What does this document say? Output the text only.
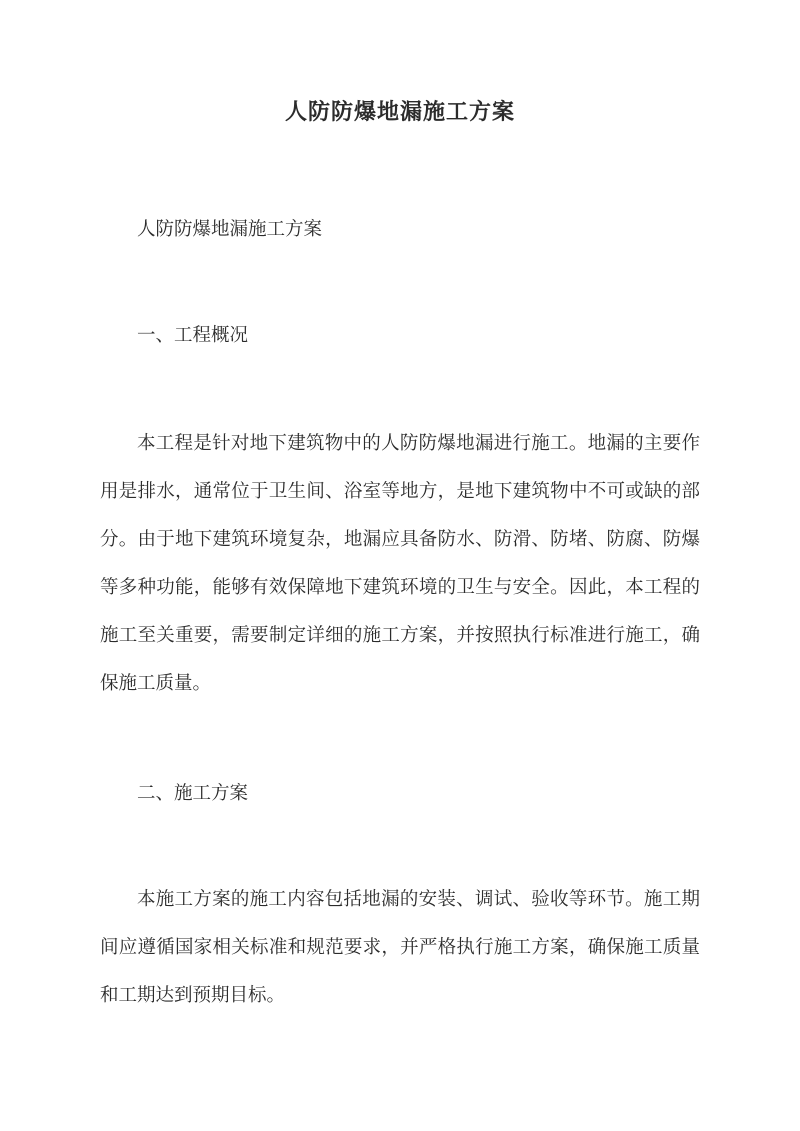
人防防爆地漏施工方案

人防防爆地漏施工方案

一、工程概况

本工程是针对地下建筑物中的人防防爆地漏进行施工。地漏的主要作用是排水，通常位于卫生间、浴室等地方，是地下建筑物中不可或缺的部分。由于地下建筑环境复杂，地漏应具备防水、防滑、防堵、防腐、防爆等多种功能，能够有效保障地下建筑环境的卫生与安全。因此，本工程的施工至关重要，需要制定详细的施工方案，并按照执行标准进行施工，确保施工质量。

二、施工方案

本施工方案的施工内容包括地漏的安装、调试、验收等环节。施工期间应遵循国家相关标准和规范要求，并严格执行施工方案，确保施工质量和工期达到预期目标。
